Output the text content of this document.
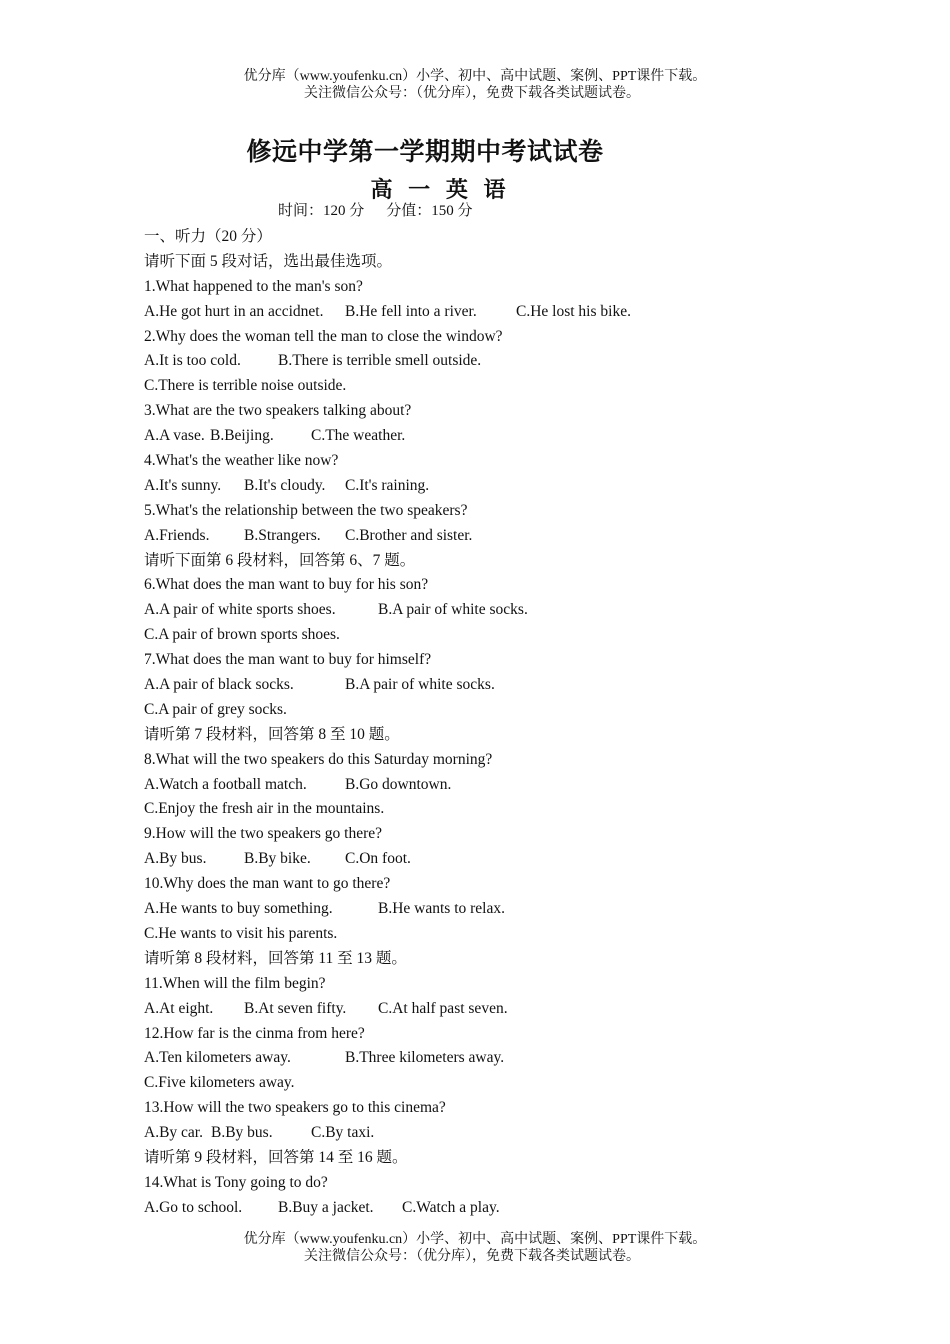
优分库（www.youfenku.cn）小学、初中、高中试题、案例、PPT课件下载。
关注微信公众号：（优分库），免费下载各类试题试卷。
修远中学第一学期期中考试试卷
高 一 英 语
时间：120 分 分值：150 分
一、听力（20 分）
请听下面 5 段对话，选出最佳选项。
1.What happened to the man's son?
A.He got hurt in an accidnet. B.He fell into a river.	C.He lost his bike.
2.Why does the woman tell the man to close the window?
A.It is too cold. B.There is terrible smell outside.
C.There is terrible noise outside.
3.What are the two speakers talking about?
A.A vase. B.Beijing. C.The weather.
4.What's the weather like now?
A.It's sunny. B.It's cloudy. C.It's raining.
5.What's the relationship between the two speakers?
A.Friends. B.Strangers. C.Brother and sister.
请听下面第 6 段材料，回答第 6、7 题。
6.What does the man want to buy for his son?
A.A pair of white sports shoes.	B.A pair of white socks.
C.A pair of brown sports shoes.
7.What does the man want to buy for himself?
A.A pair of black socks.	B.A pair of white socks.
C.A pair of grey socks.
请听第 7 段材料，回答第 8 至 10 题。
8.What will the two speakers do this Saturday morning?
A.Watch a football match. B.Go downtown.
C.Enjoy the fresh air in the mountains.
9.How will the two speakers go there?
A.By bus. B.By bike. C.On foot.
10.Why does the man want to go there?
A.He wants to buy something.	B.He wants to relax.
C.He wants to visit his parents.
请听第 8 段材料，回答第 11 至 13 题。
11.When will the film begin?
A.At eight. B.At seven fifty. C.At half past seven.
12.How far is the cinma from here?
A.Ten kilometers away.	B.Three kilometers away.
C.Five kilometers away.
13.How will the two speakers go to this cinema?
A.By car. B.By bus. C.By taxi.
请听第 9 段材料，回答第 14 至 16 题。
14.What is Tony going to do?
A.Go to school. B.Buy a jacket. C.Watch a play.
优分库（www.youfenku.cn）小学、初中、高中试题、案例、PPT课件下载。
关注微信公众号：（优分库），免费下载各类试题试卷。
